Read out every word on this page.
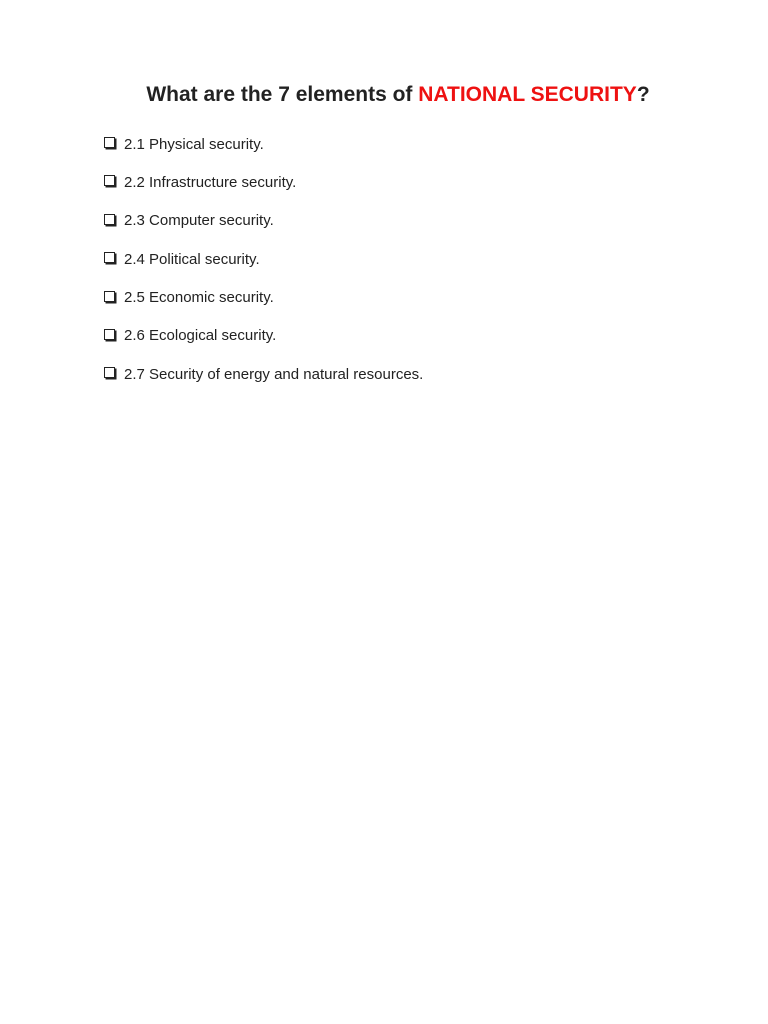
What are the 7 elements of NATIONAL SECURITY?
2.1 Physical security.
2.2 Infrastructure security.
2.3 Computer security.
2.4 Political security.
2.5 Economic security.
2.6 Ecological security.
2.7 Security of energy and natural resources.
